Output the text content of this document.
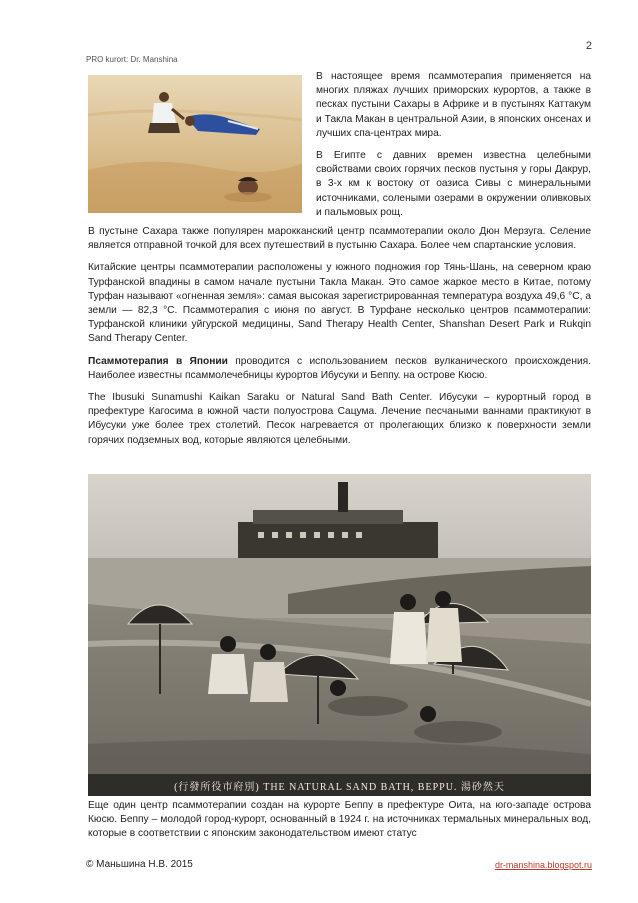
2
PRO kurort: Dr. Manshina

В настоящее время псаммотерапия применяется на многих пляжах лучших приморских курортов, а также в песках пустыни Сахары в Африке и в пустынях Каттакум и Такла Макан в центральной Азии, в японских онсенах и лучших спа-центрах мира.

В Египте с давних времен известна целебными свойствами своих горячих песков пустыня у горы Дакрур, в 3-х км к востоку от оазиса Сивы с минеральными источниками, солеными озерами в окружении оливковых и пальмовых рощ.

В пустыне Сахара также популярен марокканский центр псаммотерапии около Дюн Мерзуга. Селение является отправной точкой для всех путешествий в пустыню Сахара. Более чем спартанские условия.

Китайские центры псаммотерапии расположены у южного подножия гор Тянь-Шань, на северном краю Турфанской впадины в самом начале пустыни Такла Макан. Это самое жаркое место в Китае, потому Турфан называют «огненная земля»: самая высокая зарегистрированная температура воздуха 49,6 °C, а земли — 82,3 °C. Псаммотерапия с июня по август. В Турфане несколько центров псаммотерапии: Турфанской клиники уйгурской медицины, Sand Therapy Health Center, Shanshan Desert Park и Rukqin Sand Therapy Center.

Псаммотерапия в Японии проводится с использованием песков вулканического происхождения. Наиболее известны псаммолечебницы курортов Ибусуки и Беппу. на острове Кюсю.

The Ibusuki Sunamushi Kaikan Saraku or Natural Sand Bath Center. Ибусуки – курортный город в префектуре Кагосима в южной части полуострова Сацума. Лечение песчаными ваннами практикуют в Ибусуки уже более трех столетий. Песок нагревается от пролегающих близко к поверхности земли горячих подземных вод, которые являются целебными.

(行發所役市府別) THE NATURAL SAND BATH, BEPPU. 湯砂然天

Еще один центр псаммотерапии создан на курорте Беппу в префектуре Оита, на юго-западе острова Кюсю. Беппу – молодой город-курорт, основанный в 1924 г. на источниках термальных минеральных вод, которые в соответствии с японским законодательством имеют статус

© Маньшина Н.В. 2015	dr-manshina.blogspot.ru
